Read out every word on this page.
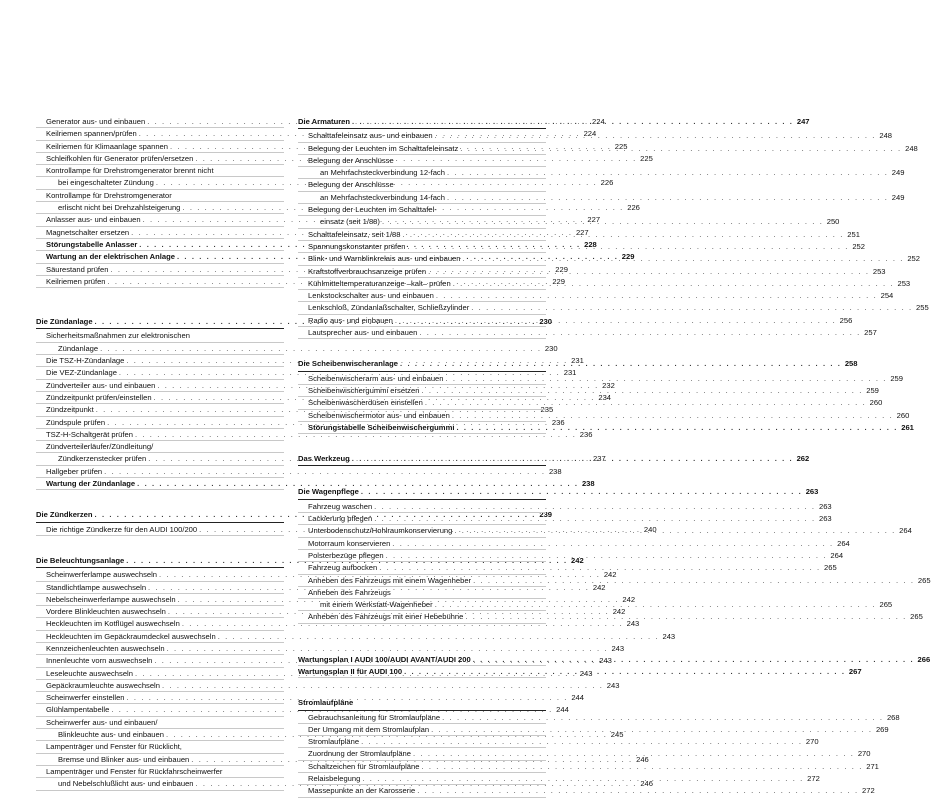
Generator aus- und einbauen . . .	224
Keilriemen spannen/prüfen . . .	224
Keilriemen für Klimaanlage spannen . . .	225
Schleifkohlen für Generator prüfen/ersetzen . . .	225
Kontrollampe für Drehstromgenerator brennt nicht
bei eingeschalteter Zündung . . .	226
Kontrollampe für Drehstromgenerator
erlischt nicht bei Drehzahlsteigerung . . .	226
Anlasser aus- und einbauen . . .	227
Magnetschalter ersetzen . . .	227
Störungstabelle Anlasser . . .	228
Wartung an der elektrischen Anlage . . .	229
Säurestand prüfen . . .	229
Keilriemen prüfen . . .	229
Die Zündanlage . . .	230
Sicherheitsmaßnahmen zur elektronischen
Zündanlage . . .	230
Die TSZ-H-Zündanlage . . .	231
Die VEZ-Zündanlage . . .	231
Zündverteiler aus- und einbauen . . .	232
Zündzeitpunkt prüfen/einstellen . . .	234
Zündzeitpunkt . . .	235
Zündspule prüfen . . .	236
TSZ-H-Schaltgerät prüfen . . .	236
Zündverteilerläufer/Zündleitung/
Zündkerzenstecker prüfen . . .	237
Hallgeber prüfen . . .	238
Wartung der Zündanlage . . .	238
Die Zündkerzen . . .	239
Die richtige Zündkerze für den AUDI 100/200 . . .	240
Die Beleuchtungsanlage . . .	242
Scheinwerferlampe auswechseln . . .	242
Standlichtlampe auswechseln . . .	242
Nebelscheinwerferlampe auswechseln . . .	242
Vordere Blinkleuchten auswechseln . . .	242
Heckleuchten im Kotflügel auswechseln . . .	243
Heckleuchten im Gepäckraumdeckel auswechseln . . .	243
Kennzeichenleuchten auswechseln . . .	243
Innenleuchte vorn auswechseln . . .	243
Leseleuchte auswechseln . . .	243
Gepäckraumleuchte auswechseln . . .	243
Scheinwerfer einstellen . . .	244
Glühlampentabelle . . .	244
Scheinwerfer aus- und einbauen/
Blinkleuchte aus- und einbauen . . .	245
Lampenträger und Fenster für Rücklicht,
Bremse und Blinker aus- und einbauen . . .	246
Lampenträger und Fenster für Rückfahrscheinwerfer
und Nebelschlußlicht aus- und einbauen . . .	246
Die Armaturen . . .	247
Schalttafeleinsatz aus- und einbauen . . .	248
Belegung der Leuchten im Schalttafeleinsatz . . .	248
Belegung der Anschlüsse
an Mehrfachsteckverbindung 12-fach . . .	249
Belegung der Anschlüsse
an Mehrfachsteckverbindung 14-fach . . .	249
Belegung der Leuchten im Schalttafel-
einsatz (seit 1/88) . . .	250
Schalttafeleinsatz, seit 1/88 . . .	251
Spannungskonstanter prüfen . . .	252
Blink- und Warnblinkrelais aus- und einbauen . . .	252
Kraftstoffverbrauchsanzeige prüfen . . .	253
Kühlmitteltemperaturanzeige –kalt– prüfen . . .	253
Lenkstockschalter aus- und einbauen . . .	254
Lenkschloß, Zündanlaßschalter, Schließzylinder . . .	255
Radio aus- und einbauen . . .	256
Lautsprecher aus- und einbauen . . .	257
Die Scheibenwischeranlage . . .	258
Scheibenwischerarm aus- und einbauen . . .	259
Scheibenwischergummi ersetzen . . .	259
Scheibenwascherdüsen einstellen . . .	260
Scheibenwischermotor aus- und einbauen . . .	260
Störungstabelle Scheibenwischergummi . . .	261
Das Werkzeug . . .	262
Die Wagenpflege . . .	263
Fahrzeug waschen . . .	263
Lackierung pflegen . . .	263
Unterbodenschutz/Hohlraumkonservierung . . .	264
Motorraum konservieren . . .	264
Polsterbezüge pflegen . . .	264
Fahrzeug aufbocken . . .	265
Anheben des Fahrzeugs mit einem Wagenheber . . .	265
Anheben des Fahrzeugs
mit einem Werkstatt-Wagenheber . . .	265
Anheben des Fahrzeugs mit einer Hebebühne . . .	265
Wartungsplan I AUDI 100/AUDI AVANT/AUDI 200 . . .	266
Wartungsplan II für AUDI 100 . . .	267
Stromlaufpläne
Gebrauchsanleitung für Stromlaufpläne . . .	268
Der Umgang mit dem Stromlaufplan . . .	269
Stromlaufpläne . . .	270
Zuordnung der Stromlaufpläne . . .	270
Schaltzeichen für Stromlaufpläne . . .	271
Relaisbelegung . . .	272
Massepunkte an der Karosserie . . .	272
